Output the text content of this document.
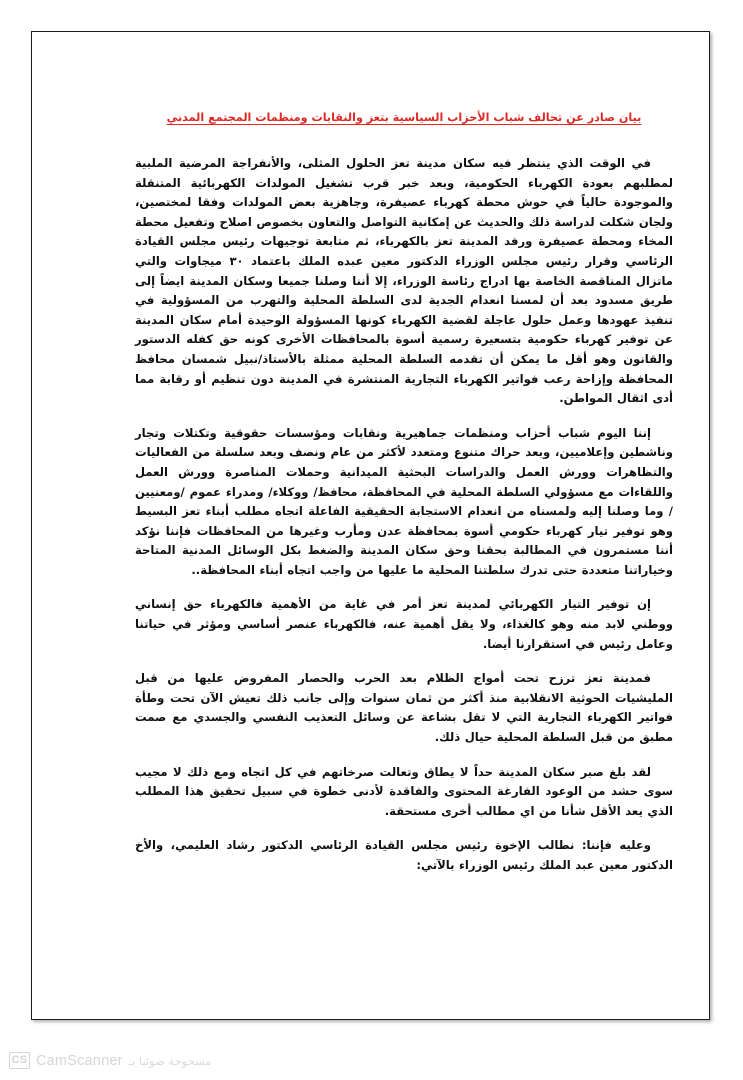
بيان صادر عن تحالف شباب الأحزاب السياسية بتعز والنقابات ومنظمات المجتمع المدني

في الوقت الذي ينتظر فيه سكان مدينة تعز الحلول المثلى، والأنفراجة المرضية الملبية لمطلبهم بعودة الكهرباء الحكومية، وبعد خبر قرب تشغيل المولدات الكهربائية المتنقلة والموجودة حالياً في حوش محطة كهرباء عصيفرة، وجاهزية بعض المولدات وفقا لمختصين، ولجان شكلت لدراسة ذلك والحديث عن إمكانية التواصل والتعاون بخصوص اصلاح وتفعيل محطة المخاء ومحطة عصيفرة ورفد المدينة تعز بالكهرباء، ثم متابعة توجيهات رئيس مجلس القيادة الرئاسي وقرار رئيس مجلس الوزراء الدكتور معين عبده الملك باعتماد ٣٠ ميجاوات والتي ماتزال المناقصة الخاصة بها ادراج رئاسة الوزراء، إلا أننا وصلنا جميعا وسكان المدينة ايضاً إلى طريق مسدود بعد أن لمسنا انعدام الجدية لدى السلطة المحلية والتهرب من المسؤولية في تنفيذ عهودها وعمل حلول عاجلة لقضية الكهرباء كونها المسؤولة الوحيدة أمام سكان المدينة عن توفير كهرباء حكومية بتسعيرة رسمية أسوة بالمحافظات الأخرى كونه حق كفله الدستور والقانون وهو أقل ما يمكن أن تقدمه السلطة المحلية ممثلة بالأستاذ/نبيل شمسان محافظ المحافظة وإزاحة رعب فواتير الكهرباء التجارية المنتشرة في المدينة دون تنظيم أو رقابة مما أدى اثقال المواطن.

إننا اليوم شباب أحزاب ومنظمات جماهيرية ونقابات ومؤسسات حقوقية وتكتلات وتجار وناشطين وإعلاميين، وبعد حراك متنوع ومتعدد لأكثر من عام ونصف وبعد سلسلة من الفعاليات والتظاهرات وورش العمل والدراسات البحثية الميدانية وحملات المناصرة وورش العمل واللقاءات مع مسؤولي السلطة المحلية في المحافظة، محافظ/ ووكلاء/ ومدراء عموم /ومعنيين / وما وصلنا إليه ولمسناه من انعدام الاستجابة الحقيقية الفاعلة اتجاه مطلب أبناء تعز البسيط وهو توفير تيار كهرباء حكومي أسوة بمحافظة عدن ومأرب وغيرها من المحافظات فإننا نؤكد أننا مستمرون في المطالبة بحقنا وحق سكان المدينة والضغط بكل الوسائل المدنية المتاحة وخياراتنا متعددة حتى تدرك سلطتنا المحلية ما عليها من واجب اتجاه أبناء المحافظة..

إن توفير التيار الكهربائي لمدينة تعز أمر في غاية من الأهمية فالكهرباء حق إنساني ووطني لابد منه وهو كالغذاء، ولا يقل أهمية عنه، فالكهرباء عنصر أساسي ومؤثر في حياتنا وعامل رئيس في استقرارنا أيضا.

فمدينة تعز ترزح تحت أمواج الظلام بعد الحرب والحصار المفروض عليها من قبل المليشيات الحوثية الانقلابية منذ أكثر من ثمان سنوات وإلى جانب ذلك تعيش الآن تحت وطأة فواتير الكهرباء التجارية التي لا تقل بشاعة عن وسائل التعذيب النفسي والجسدي مع صمت مطبق من قبل السلطة المحلية حيال ذلك.

لقد بلغ صبر سكان المدينة حداً لا يطاق وتعالت صرخاتهم في كل اتجاه ومع ذلك لا مجيب سوى حشد من الوعود الفارغة المحتوى والفاقدة لأدنى خطوة في سبيل تحقيق هذا المطلب الذي يعد الأقل شأنا من اي مطالب أخرى مستحقة.

وعليه فإننا: نطالب الإخوة رئيس مجلس القيادة الرئاسي الدكتور رشاد العليمي، والأخ الدكتور معين عبد الملك رئيس الوزراء بالآتي:

CS CamScanner مسحوحة ضوئيا بـ
